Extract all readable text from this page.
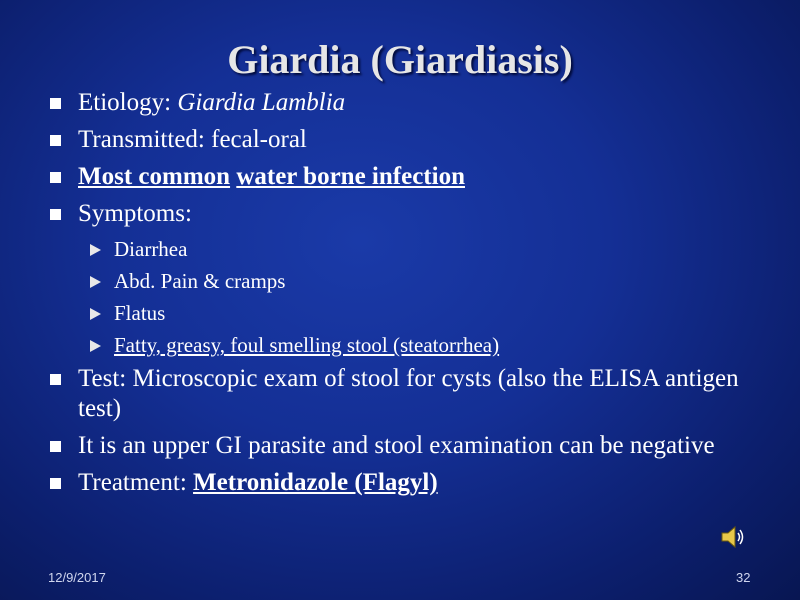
Giardia (Giardiasis)
Etiology: Giardia Lamblia
Transmitted: fecal-oral
Most common water borne infection
Symptoms:
Diarrhea
Abd. Pain & cramps
Flatus
Fatty, greasy, foul smelling stool (steatorrhea)
Test: Microscopic exam of stool for cysts (also the ELISA antigen test)
It is an upper GI parasite and stool examination can be negative
Treatment: Metronidazole (Flagyl)
12/9/2017	32
